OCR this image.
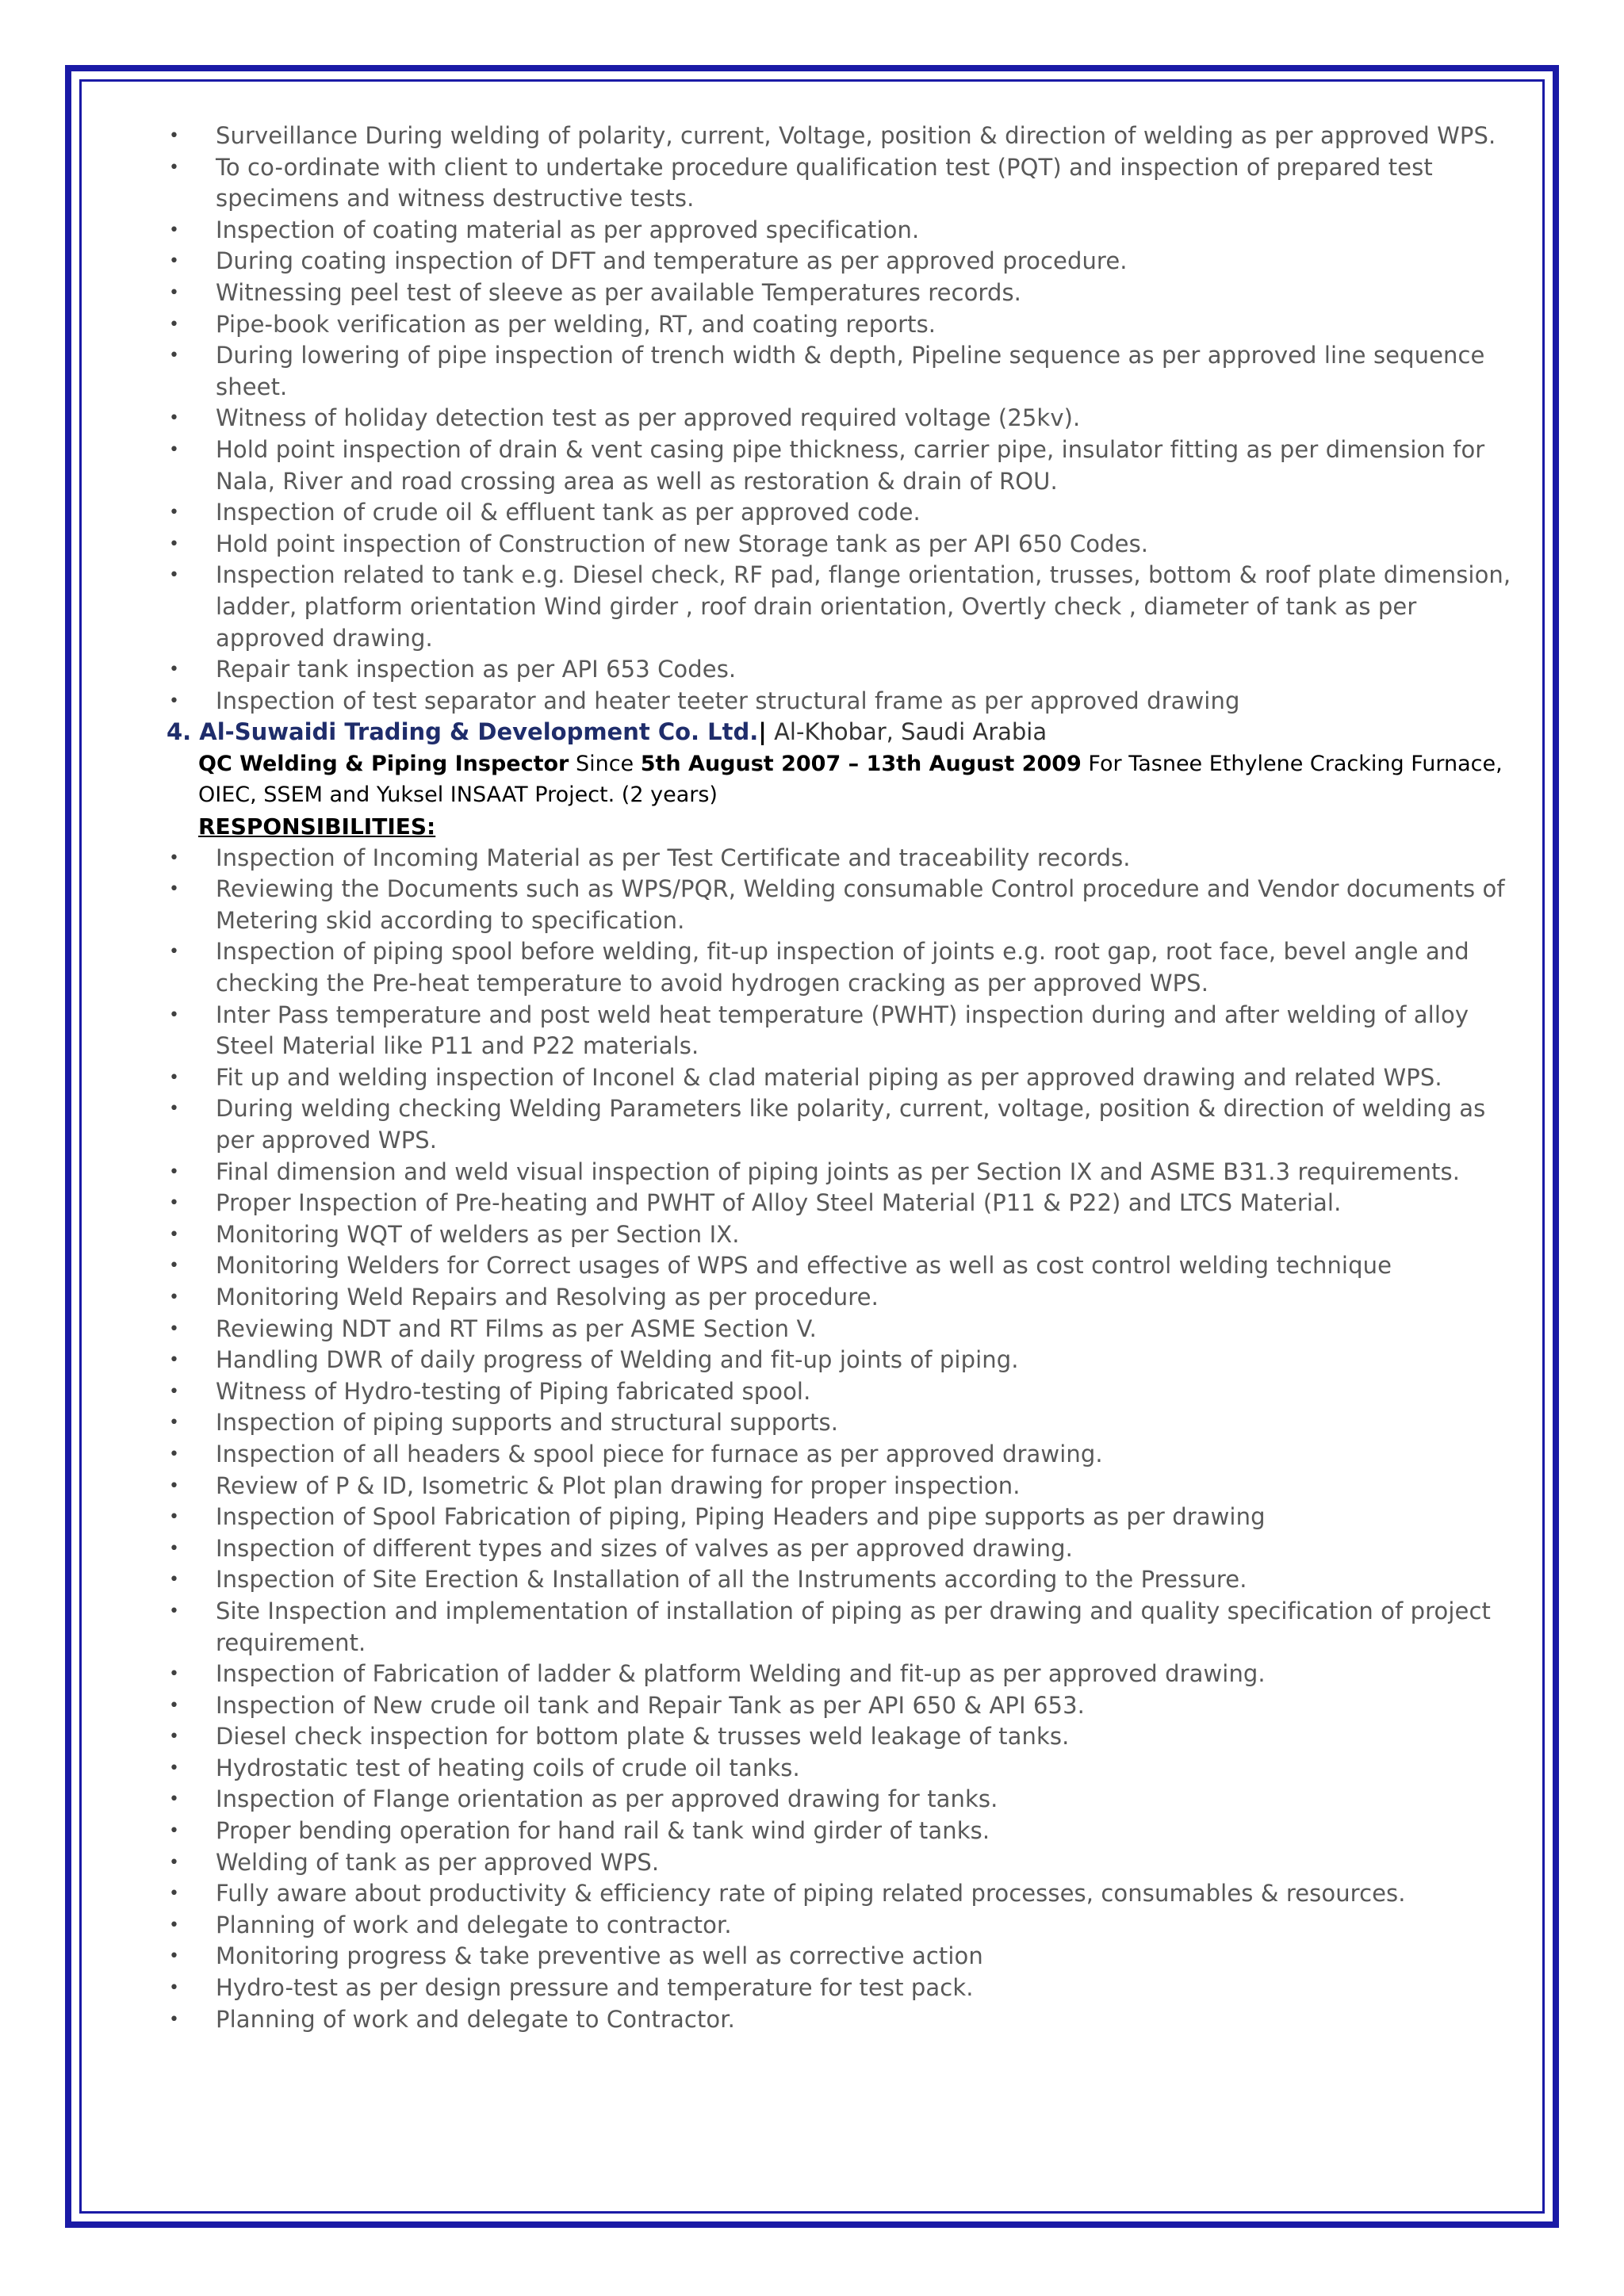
• Surveillance During welding of polarity, current, Voltage, position & direction of welding as per approved WPS.
• To co-ordinate with client to undertake procedure qualification test (PQT) and inspection of prepared test specimens and witness destructive tests.
• Inspection of coating material as per approved specification.
• During coating inspection of DFT and temperature as per approved procedure.
• Witnessing peel test of sleeve as per available Temperatures records.
• Pipe-book verification as per welding, RT, and coating reports.
• During lowering of pipe inspection of trench width & depth, Pipeline sequence as per approved line sequence sheet.
• Witness of holiday detection test as per approved required voltage (25kv).
• Hold point inspection of drain & vent casing pipe thickness, carrier pipe, insulator fitting as per dimension for Nala, River and road crossing area as well as restoration & drain of ROU.
• Inspection of crude oil & effluent tank as per approved code.
• Hold point inspection of Construction of new Storage tank as per API 650 Codes.
• Inspection related to tank e.g. Diesel check, RF pad, flange orientation, trusses, bottom & roof plate dimension, ladder, platform orientation Wind girder , roof drain orientation, Overtly check , diameter of tank as per approved drawing.
• Repair tank inspection as per API 653 Codes.
• Inspection of test separator and heater teeter structural frame as per approved drawing
4. Al-Suwaidi Trading & Development Co. Ltd.| Al-Khobar, Saudi Arabia
QC Welding & Piping Inspector Since 5th August 2007 – 13th August 2009 For Tasnee Ethylene Cracking Furnace, OIEC, SSEM and Yuksel INSAAT Project. (2 years)
RESPONSIBILITIES:
• Inspection of Incoming Material as per Test Certificate and traceability records.
• Reviewing the Documents such as WPS/PQR, Welding consumable Control procedure and Vendor documents of Metering skid according to specification.
• Inspection of piping spool before welding, fit-up inspection of joints e.g. root gap, root face, bevel angle and checking the Pre-heat temperature to avoid hydrogen cracking as per approved WPS.
• Inter Pass temperature and post weld heat temperature (PWHT) inspection during and after welding of alloy Steel Material like P11 and P22 materials.
• Fit up and welding inspection of Inconel & clad material piping as per approved drawing and related WPS.
• During welding checking Welding Parameters like polarity, current, voltage, position & direction of welding as per approved WPS.
• Final dimension and weld visual inspection of piping joints as per Section IX and ASME B31.3 requirements.
• Proper Inspection of Pre-heating and PWHT of Alloy Steel Material (P11 & P22) and LTCS Material.
• Monitoring WQT of welders as per Section IX.
• Monitoring Welders for Correct usages of WPS and effective as well as cost control welding technique
• Monitoring Weld Repairs and Resolving as per procedure.
• Reviewing NDT and RT Films as per ASME Section V.
• Handling DWR of daily progress of Welding and fit-up joints of piping.
• Witness of Hydro-testing of Piping fabricated spool.
• Inspection of piping supports and structural supports.
• Inspection of all headers & spool piece for furnace as per approved drawing.
• Review of P & ID, Isometric & Plot plan drawing for proper inspection.
• Inspection of Spool Fabrication of piping, Piping Headers and pipe supports as per drawing
• Inspection of different types and sizes of valves as per approved drawing.
• Inspection of Site Erection & Installation of all the Instruments according to the Pressure.
• Site Inspection and implementation of installation of piping as per drawing and quality specification of project requirement.
• Inspection of Fabrication of ladder & platform Welding and fit-up as per approved drawing.
• Inspection of New crude oil tank and Repair Tank as per API 650 & API 653.
• Diesel check inspection for bottom plate & trusses weld leakage of tanks.
• Hydrostatic test of heating coils of crude oil tanks.
• Inspection of Flange orientation as per approved drawing for tanks.
• Proper bending operation for hand rail & tank wind girder of tanks.
• Welding of tank as per approved WPS.
• Fully aware about productivity & efficiency rate of piping related processes, consumables & resources.
• Planning of work and delegate to contractor.
• Monitoring progress & take preventive as well as corrective action
• Hydro-test as per design pressure and temperature for test pack.
• Planning of work and delegate to Contractor.
